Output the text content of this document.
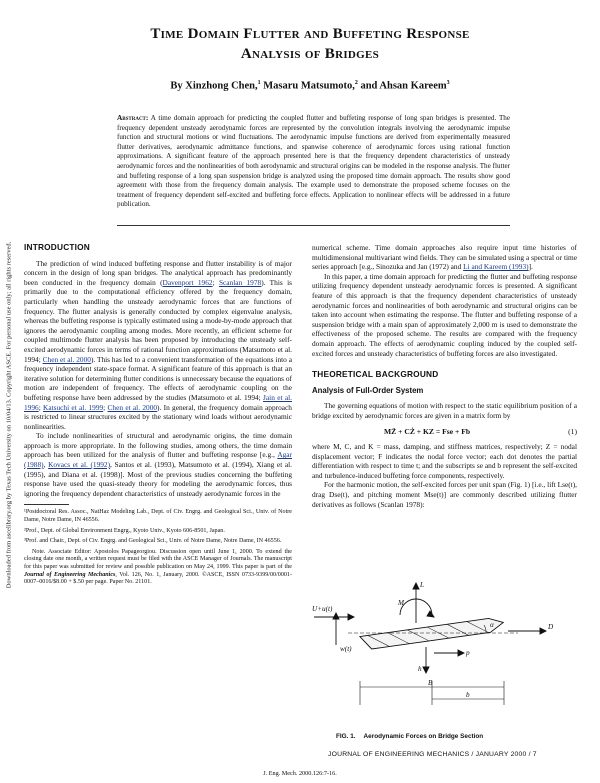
Downloaded from ascelibrary.org by Texas Tech University on 10/04/13. Copyright ASCE. For personal use only; all rights reserved.
Time Domain Flutter and Buffeting Response
Analysis of Bridges
By Xinzhong Chen,$^1$ Masaru Matsumoto,$^2$ and Ahsan Kareem$^3$
Abstract: A time domain approach for predicting the coupled flutter and buffeting response of long span bridges is presented. The frequency dependent unsteady aerodynamic forces are represented by the convolution integrals involving the aerodynamic impulse function and structural motions or wind fluctuations. The aerodynamic impulse functions are derived from experimentally measured flutter derivatives, aerodynamic admittance functions, and spanwise coherence of aerodynamic forces using rational function approximations. A significant feature of the approach presented here is that the frequency dependent characteristics of unsteady aerodynamic forces and the nonlinearities of both aerodynamic and structural origins can be modeled in the response analysis. The flutter and buffeting response of a long span suspension bridge is analyzed using the proposed time domain approach. The results show good agreement with those from the frequency domain analysis. The example used to demonstrate the proposed scheme focuses on the treatment of frequency dependent self-excited and buffeting force effects. Application to nonlinear effects will be addressed in a future publication.
INTRODUCTION

The prediction of wind induced buffeting response and flutter instability is of major concern in the design of long span bridges. The analytical approach has predominantly been conducted in the frequency domain (Davenport 1962; Scanlan 1978). This is primarily due to the computational efficiency offered by the frequency domain, particularly when handling the unsteady aerodynamic forces that are functions of frequency. The flutter analysis is generally conducted by complex eigenvalue analysis, whereas the buffeting response is typically estimated using a mode-by-mode approach that ignores the aerodynamic coupling among modes. More recently, an efficient scheme for coupled multimode flutter analysis has been proposed by introducing the unsteady self-excited aerodynamic forces in terms of rational function approximations (Matsumoto et al. 1994; Chen et al. 2000). This has led to a convenient transformation of the equations into a frequency independent state-space format. A significant feature of this approach is that an iterative solution for determining flutter conditions is unnecessary because the equations of motion are independent of frequency. The effects of aerodynamic coupling on the buffeting response have been addressed by the studies (Matsumoto et al. 1994; Jain et al. 1996; Katsuchi et al. 1999; Chen et al. 2000). In general, the frequency domain approach is restricted to linear structures excited by the stationary wind loads without aerodynamic nonlinearities.

To include nonlinearities of structural and aerodynamic origins, the time domain approach is more appropriate. In the following studies, among others, the time domain approach has been utilized for the analysis of flutter and buffeting response [e.g., Agar (1988), Kovacs et al. (1992), Santos et al. (1993), Matsumoto et al. (1994), Xiang et al. (1995), and Diana et al. (1998)]. Most of the previous studies concerning the buffeting response have used the quasi-steady theory for modeling the aerodynamic forces, thus ignoring the frequency dependent characteristics of unsteady aerodynamic forces in the

¹Postdoctoral Res. Assoc., NatHaz Modeling Lab., Dept. of Civ. Engrg. and Geological Sci., Univ. of Notre Dame, Notre Dame, IN 46556.

²Prof., Dept. of Global Environment Engrg., Kyoto Univ., Kyoto 606-8501, Japan.

³Prof. and Chair., Dept. of Civ. Engrg. and Geological Sci., Univ. of Notre Dame, Notre Dame, IN 46556.

Note. Associate Editor: Apostolos Papageorgiou. Discussion open until June 1, 2000. To extend the closing date one month, a written request must be filed with the ASCE Manager of Journals. The manuscript for this paper was submitted for review and possible publication on May 24, 1999. This paper is part of the Journal of Engineering Mechanics, Vol. 126, No. 1, January, 2000. ©ASCE, ISSN 0733-9399/00/0001-0007–0016/$8.00 + $.50 per page. Paper No. 21101.

numerical scheme. Time domain approaches also require input time histories of multidimensional multivariant wind fields. They can be simulated using a spectral or time series approach [e.g., Sinozuka and Jan (1972) and Li and Kareem (1993)].

In this paper, a time domain approach for predicting the flutter and buffeting response utilizing frequency dependent unsteady aerodynamic forces is presented. A significant feature of this approach is that the frequency dependent characteristics of unsteady aerodynamic forces and nonlinearities of both aerodynamic and structural origins can be taken into account when estimating the response. The flutter and buffeting response of a suspension bridge with a main span of approximately 2,000 m is used to demonstrate the effectiveness of the proposed scheme. The results are compared with the frequency domain approach. The effects of aerodynamic coupling induced by the coupled self-excited forces and unsteady characteristics of buffeting forces are also investigated.

THEORETICAL BACKGROUND
Analysis of Full-Order System

The governing equations of motion with respect to the static equilibrium position of a bridge excited by aerodynamic forces are given in a matrix form by

MZ̈ + CŻ + KZ = Fse + Fb	(1)

where M, C, and K = mass, damping, and stiffness matrices, respectively; Z = nodal displacement vector; F indicates the nodal force vector; each dot denotes the partial differentiation with respect to time t; and the subscripts se and b represent the self-excited and turbulence-induced buffeting force components, respectively.

For the harmonic motion, the self-excited forces per unit span (Fig. 1) [i.e., lift Lse(t), drag Dse(t), and pitching moment Mse(t)] are commonly described utilizing flutter derivatives as follows (Scanlan 1978):

U+u(t)
w(t)
L
M
D
h
p
α
B
b
FIG. 1. Aerodynamic Forces on Bridge Section
JOURNAL OF ENGINEERING MECHANICS / JANUARY 2000 / 7
J. Eng. Mech. 2000.126:7-16.
